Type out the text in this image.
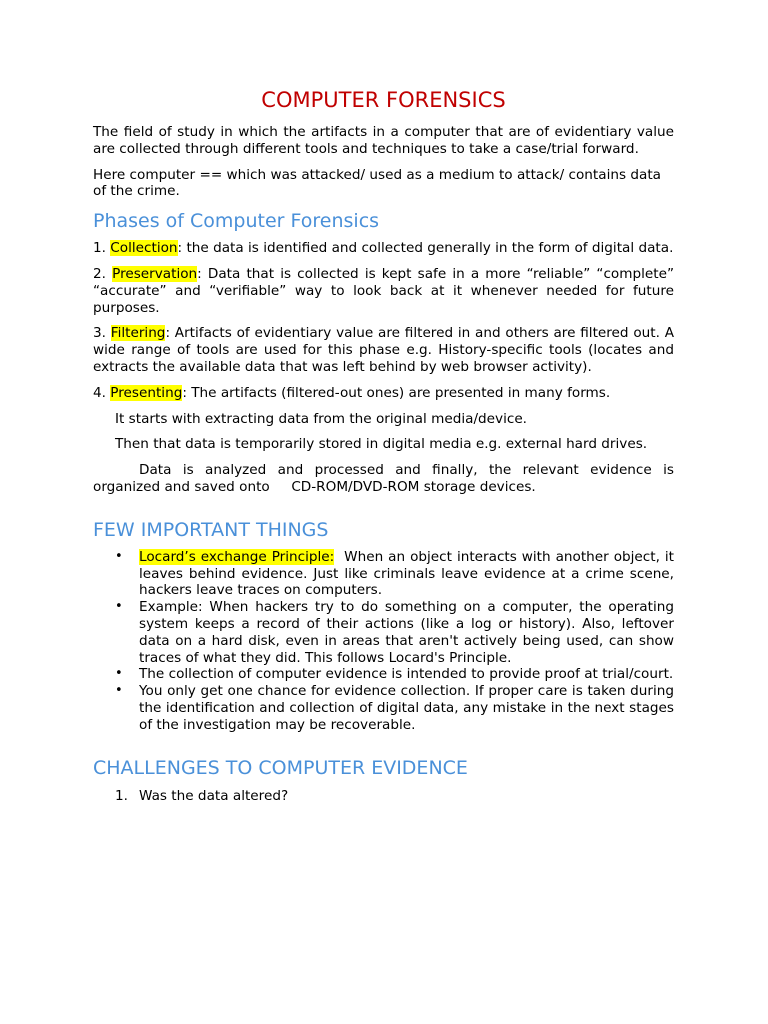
COMPUTER FORENSICS

The field of study in which the artifacts in a computer that are of evidentiary value are collected through different tools and techniques to take a case/trial forward.

Here computer == which was attacked/ used as a medium to attack/ contains data of the crime.

Phases of Computer Forensics

1. Collection: the data is identified and collected generally in the form of digital data.

2. Preservation: Data that is collected is kept safe in a more “reliable” “complete” “accurate” and “verifiable” way to look back at it whenever needed for future purposes.

3. Filtering: Artifacts of evidentiary value are filtered in and others are filtered out. A wide range of tools are used for this phase e.g. History-specific tools (locates and extracts the available data that was left behind by web browser activity).

4. Presenting: The artifacts (filtered-out ones) are presented in many forms.

It starts with extracting data from the original media/device.

Then that data is temporarily stored in digital media e.g. external hard drives.

Data is analyzed and processed and finally, the relevant evidence is organized and saved onto     CD-ROM/DVD-ROM storage devices.

FEW IMPORTANT THINGS
• Locard’s exchange Principle:  When an object interacts with another object, it leaves behind evidence. Just like criminals leave evidence at a crime scene, hackers leave traces on computers.
• Example: When hackers try to do something on a computer, the operating system keeps a record of their actions (like a log or history). Also, leftover data on a hard disk, even in areas that aren't actively being used, can show traces of what they did. This follows Locard's Principle.
• The collection of computer evidence is intended to provide proof at trial/court.
• You only get one chance for evidence collection. If proper care is taken during the identification and collection of digital data, any mistake in the next stages of the investigation may be recoverable.
CHALLENGES TO COMPUTER EVIDENCE
1. Was the data altered?
